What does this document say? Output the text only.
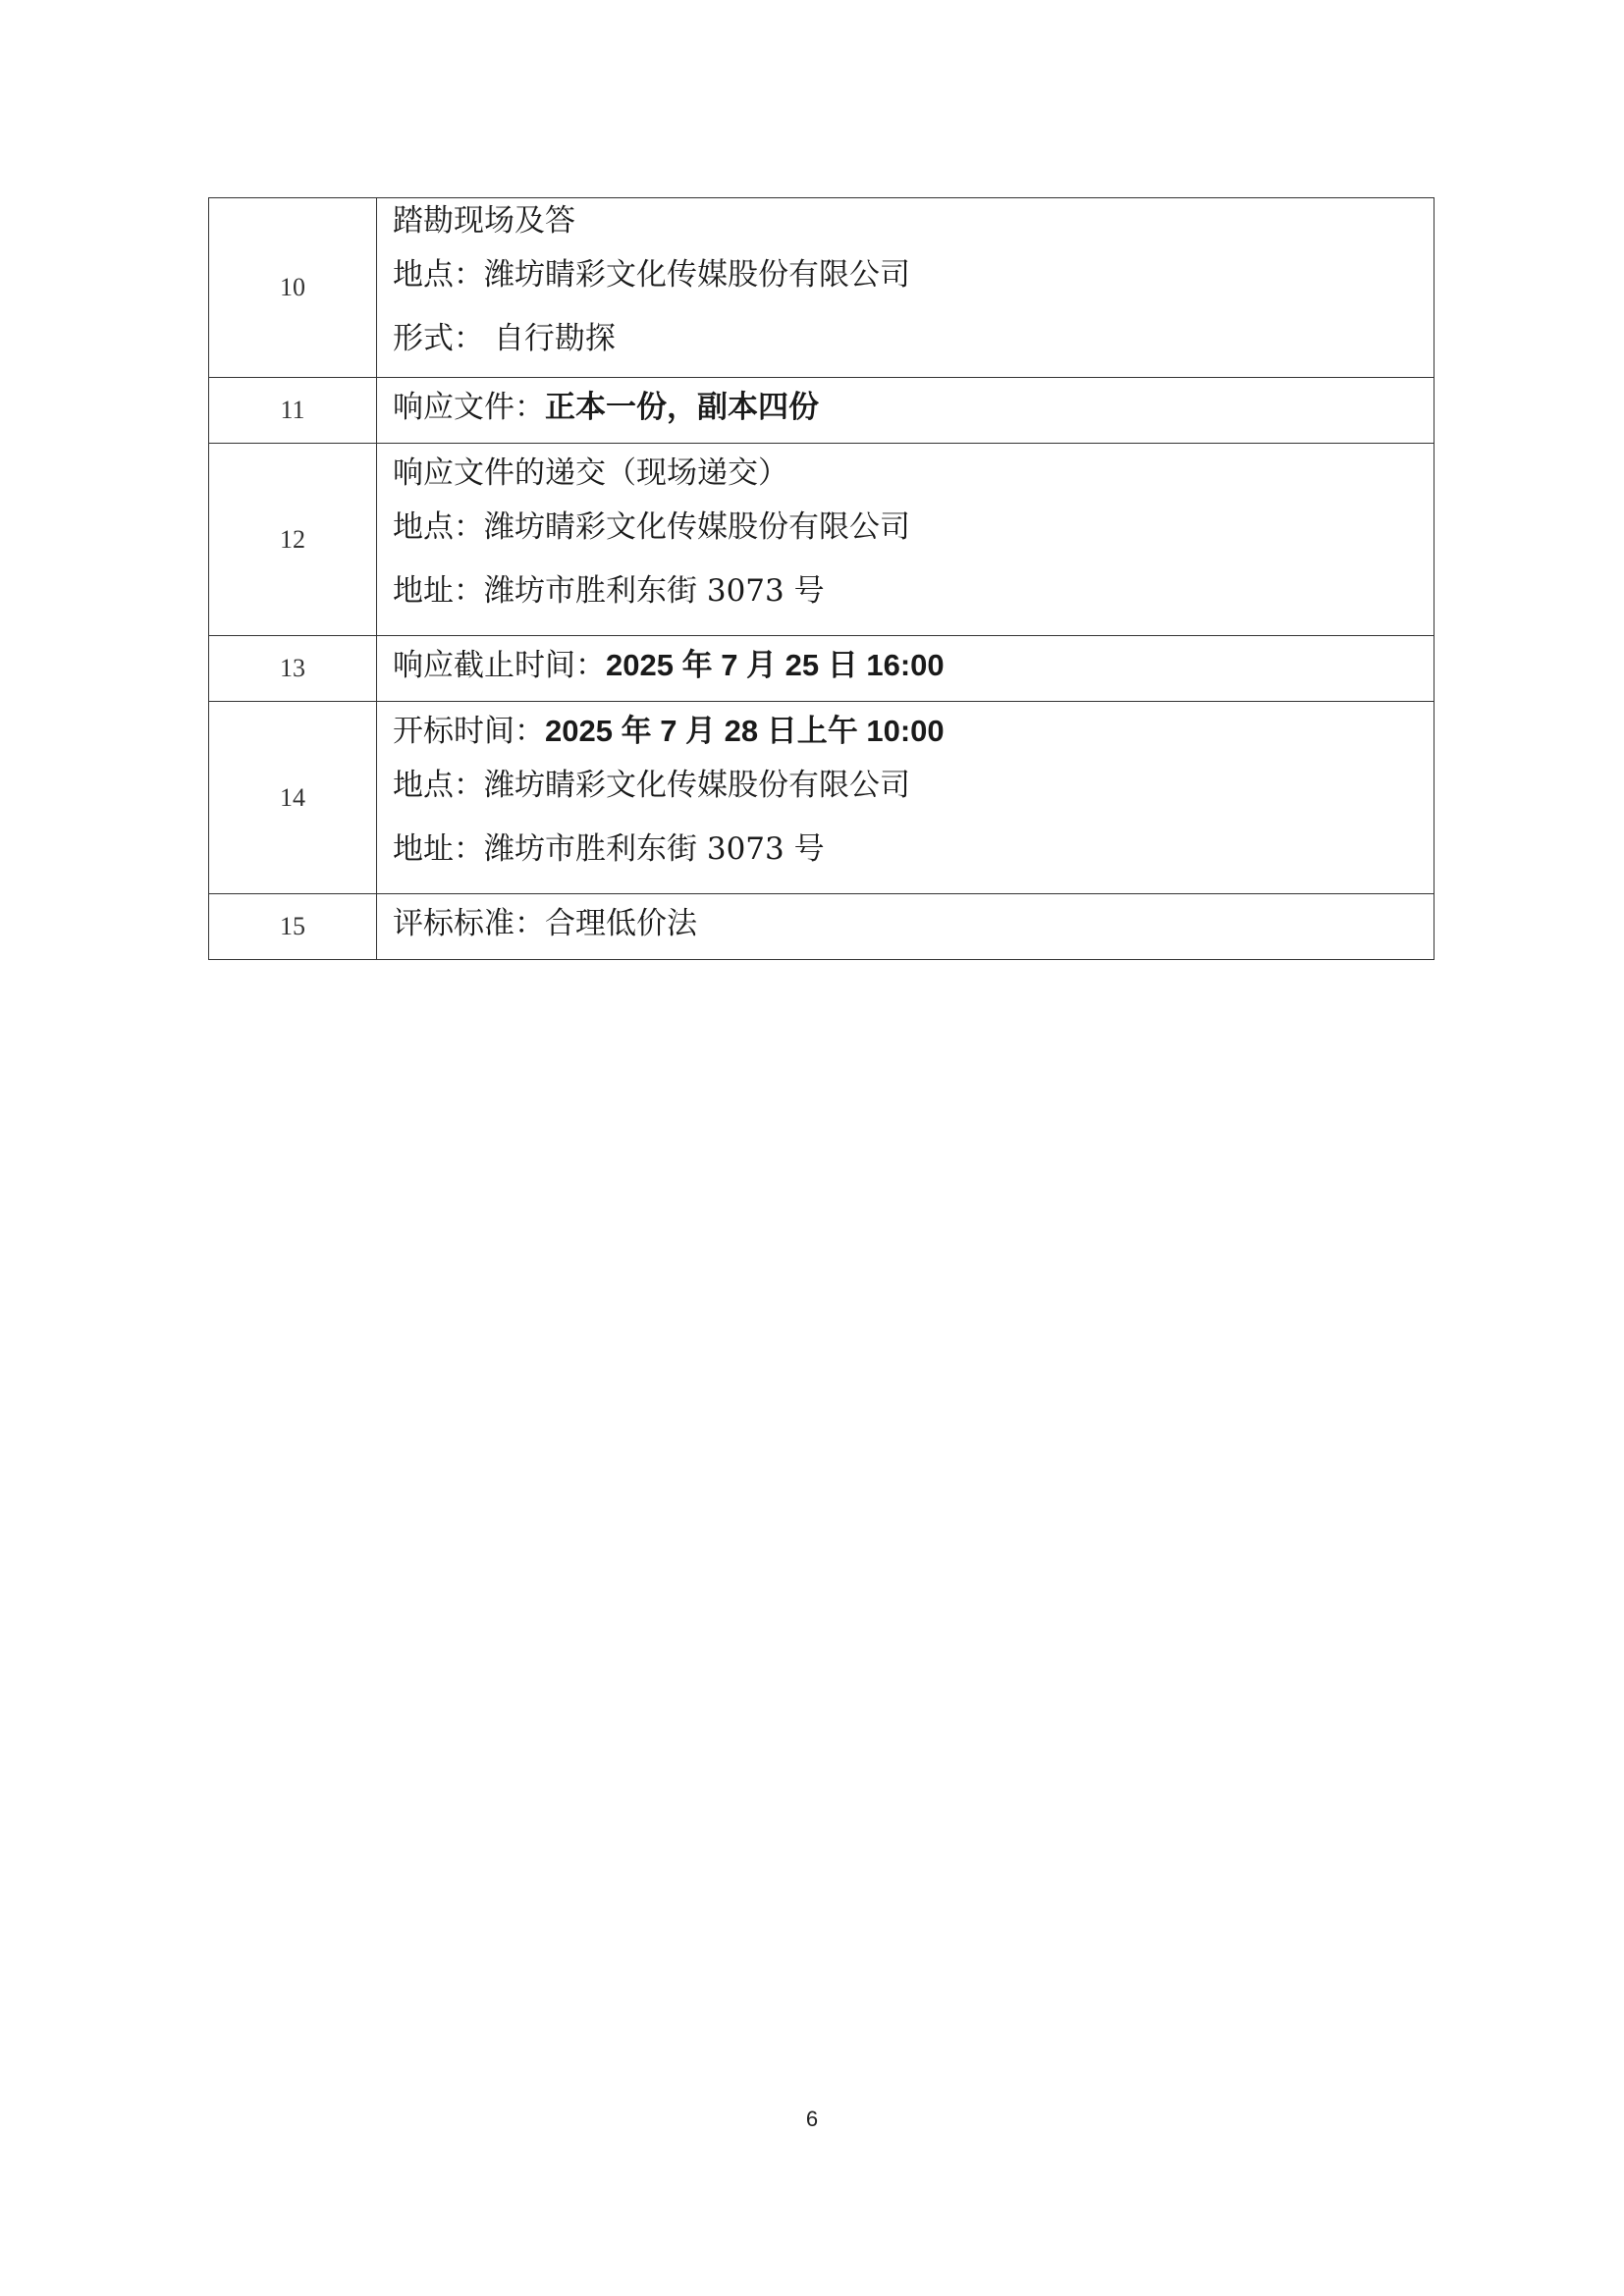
10	踏勘现场及答
地点：潍坊睛彩文化传媒股份有限公司
形式： 自行勘探

11	响应文件：正本一份，副本四份

12	响应文件的递交（现场递交）
地点：潍坊睛彩文化传媒股份有限公司
地址：潍坊市胜利东街 3073 号

13	响应截止时间：2025 年 7 月 25 日 16:00

14	开标时间：2025 年 7 月 28 日上午 10:00
地点：潍坊睛彩文化传媒股份有限公司
地址：潍坊市胜利东街 3073 号

15	评标标准：合理低价法
6
